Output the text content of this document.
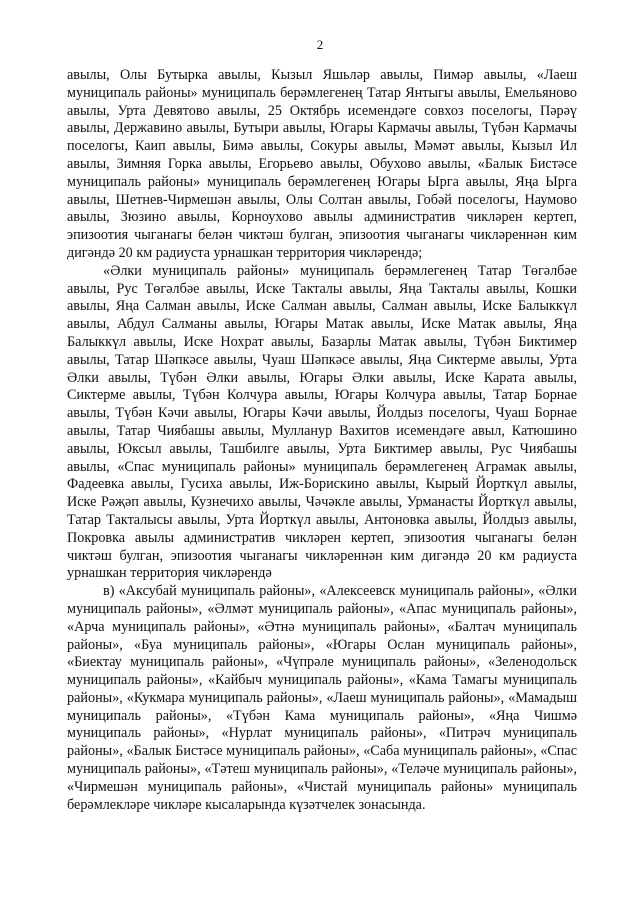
2

авылы, Олы Бутырка авылы, Кызыл Яшьләр авылы, Пимәр авылы, «Лаеш муниципаль районы» муниципаль берәмлегенең Татар Янтыгы авылы, Емельяново авылы, Урта Девятово авылы, 25 Октябрь исемендәге совхоз поселогы, Пәрәү авылы, Державино авылы, Бутыри авылы, Югары Кармачы авылы, Түбән Кармачы поселогы, Каип авылы, Бимә авылы, Сокуры авылы, Мәмәт авылы, Кызыл Ил авылы, Зимняя Горка авылы, Егорьево авылы, Обухово авылы, «Балык Бистәсе муниципаль районы» муниципаль берәмлегенең Югары Ырга авылы, Яңа Ырга авылы, Шетнев-Чирмешән авылы, Олы Солтан авылы, Гобәй поселогы, Наумово авылы, Зюзино авылы, Корноухово авылы административ чикләрен кертеп, эпизоотия чыганагы белән чиктәш булган, эпизоотия чыганагы чикләреннән ким дигәндә 20 км радиуста урнашкан территория чикләрендә;

«Әлки муниципаль районы» муниципаль берәмлегенең Татар Төгәлбәе авылы, Рус Төгәлбәе авылы, Иске Тактaлы авылы, Яңа Тактaлы авылы, Кошки авылы, Яңа Салман авылы, Иске Салман авылы, Салман авылы, Иске Балыккүл авылы, Абдул Салманы авылы, Югары Матак авылы, Иске Матак авылы, Яңа Балыккүл авылы, Иске Нохрат авылы, Базарлы Матак авылы, Түбән Биктимер авылы, Татар Шәпкәсе авылы, Чуаш Шәпкәсе авылы, Яңа Сиктерме авылы, Урта Әлки авылы, Түбән Әлки авылы, Югары Әлки авылы, Иске Карата авылы, Сиктерме авылы, Түбән Колчура авылы, Югары Колчура авылы, Татар Борнае авылы, Түбән Кәчи авылы, Югары Кәчи авылы, Йолдыз поселогы, Чуаш Борнае авылы, Татар Чиябашы авылы, Мулланур Вахитов исемендәге авыл, Катюшино авылы, Юксыл авылы, Ташбилге авылы, Урта Биктимер авылы, Рус Чиябашы авылы, «Спас муниципаль районы» муниципаль берәмлегенең Аграмак авылы, Фадеевка авылы, Гусиха авылы, Иж-Борискино авылы, Кырый Йорткүл авылы, Иске Рәҗәп авылы, Кузнечихо авылы, Чәчәкле авылы, Урманасты Йорткүл авылы, Татар Тактaлысы авылы, Урта Йорткүл авылы, Антоновка авылы, Йолдыз авылы, Покровка авылы административ чикләрен кертеп, эпизоотия чыганагы белән чиктәш булган, эпизоотия чыганагы чикләреннән ким дигәндә 20 км радиуста урнашкан территория чикләрендә

в) «Аксубай муниципаль районы», «Алексеевск муниципаль районы», «Әлки муниципаль районы», «Әлмәт муниципаль районы», «Апас муниципаль районы», «Арча муниципаль районы», «Әтнә муниципаль районы», «Балтач муниципаль районы», «Буа муниципаль районы», «Югары Ослан муниципаль районы», «Биектау муниципаль районы», «Чүпрәле муниципаль районы», «Зеленодольск муниципаль районы», «Кайбыч муниципаль районы», «Кама Тамагы муниципаль районы», «Кукмара муниципаль районы», «Лаеш муниципаль районы», «Мамадыш муниципаль районы», «Түбән Кама муниципаль районы», «Яңа Чишмә муниципаль районы», «Нурлат муниципаль районы», «Питрәч муниципаль районы», «Балык Бистәсе муниципаль районы», «Саба муниципаль районы», «Спас муниципаль районы», «Тәтеш муниципаль районы», «Теләче муниципаль районы», «Чирмешән муниципаль районы», «Чистай муниципаль районы» муниципаль берәмлекләре чикләре кысаларында күзәтчелек зонасында.
